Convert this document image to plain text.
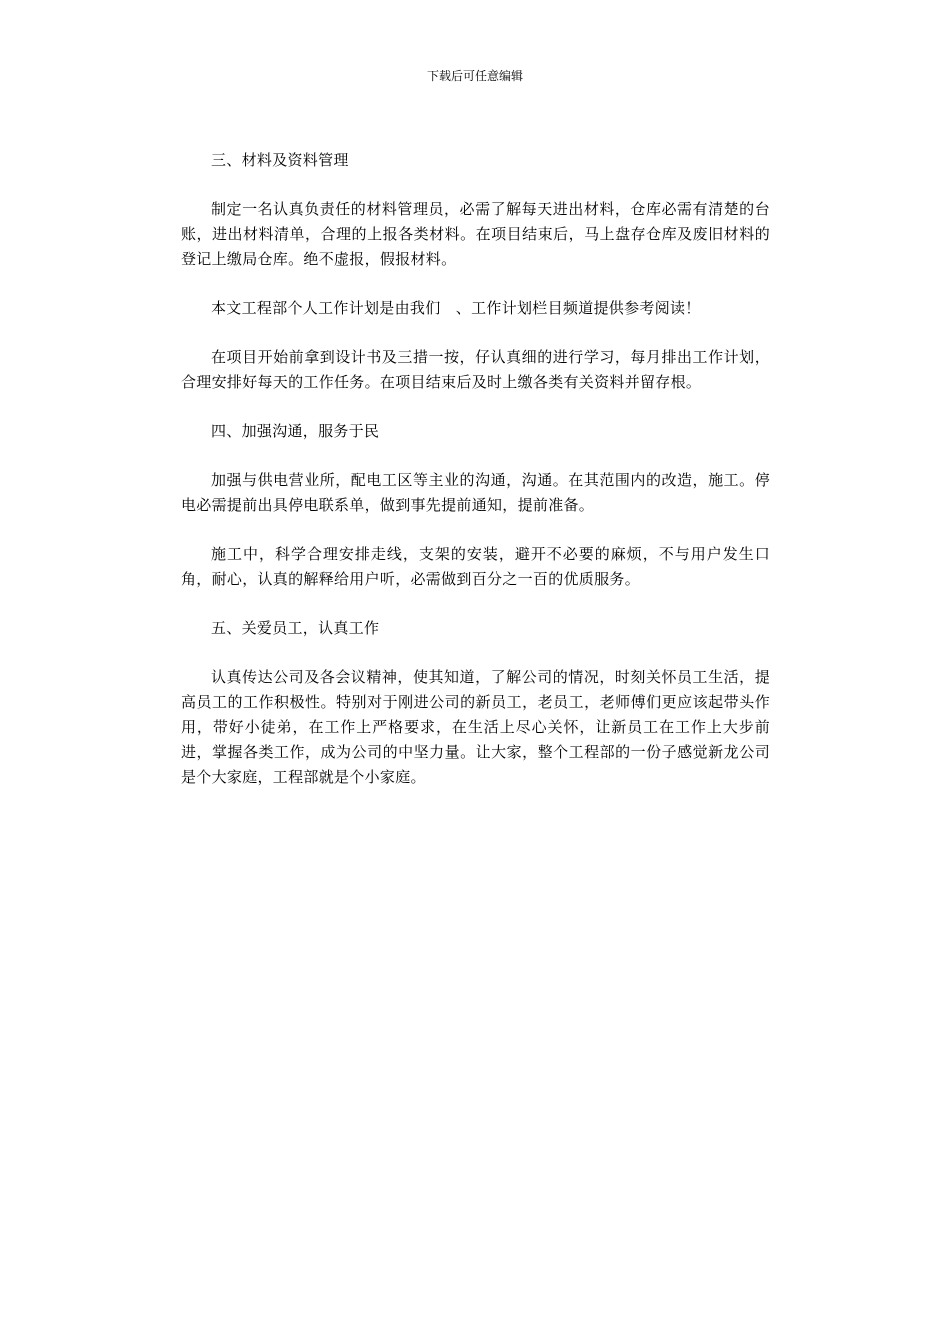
下载后可任意编辑

三、材料及资料管理

制定一名认真负责任的材料管理员，必需了解每天进出材料，仓库必需有清楚的台账，进出材料清单，合理的上报各类材料。在项目结束后，马上盘存仓库及废旧材料的登记上缴局仓库。绝不虚报，假报材料。

本文工程部个人工作计划是由我们　、工作计划栏目频道提供参考阅读！

在项目开始前拿到设计书及三措一按，仔认真细的进行学习，每月排出工作计划，合理安排好每天的工作任务。在项目结束后及时上缴各类有关资料并留存根。

四、加强沟通，服务于民

加强与供电营业所，配电工区等主业的沟通，沟通。在其范围内的改造，施工。停电必需提前出具停电联系单，做到事先提前通知，提前准备。

施工中，科学合理安排走线，支架的安装，避开不必要的麻烦，不与用户发生口角，耐心，认真的解释给用户听，必需做到百分之一百的优质服务。

五、关爱员工，认真工作

认真传达公司及各会议精神，使其知道，了解公司的情况，时刻关怀员工生活，提高员工的工作积极性。特别对于刚进公司的新员工，老员工，老师傅们更应该起带头作用，带好小徒弟，在工作上严格要求，在生活上尽心关怀，让新员工在工作上大步前进，掌握各类工作，成为公司的中坚力量。让大家，整个工程部的一份子感觉新龙公司是个大家庭，工程部就是个小家庭。
